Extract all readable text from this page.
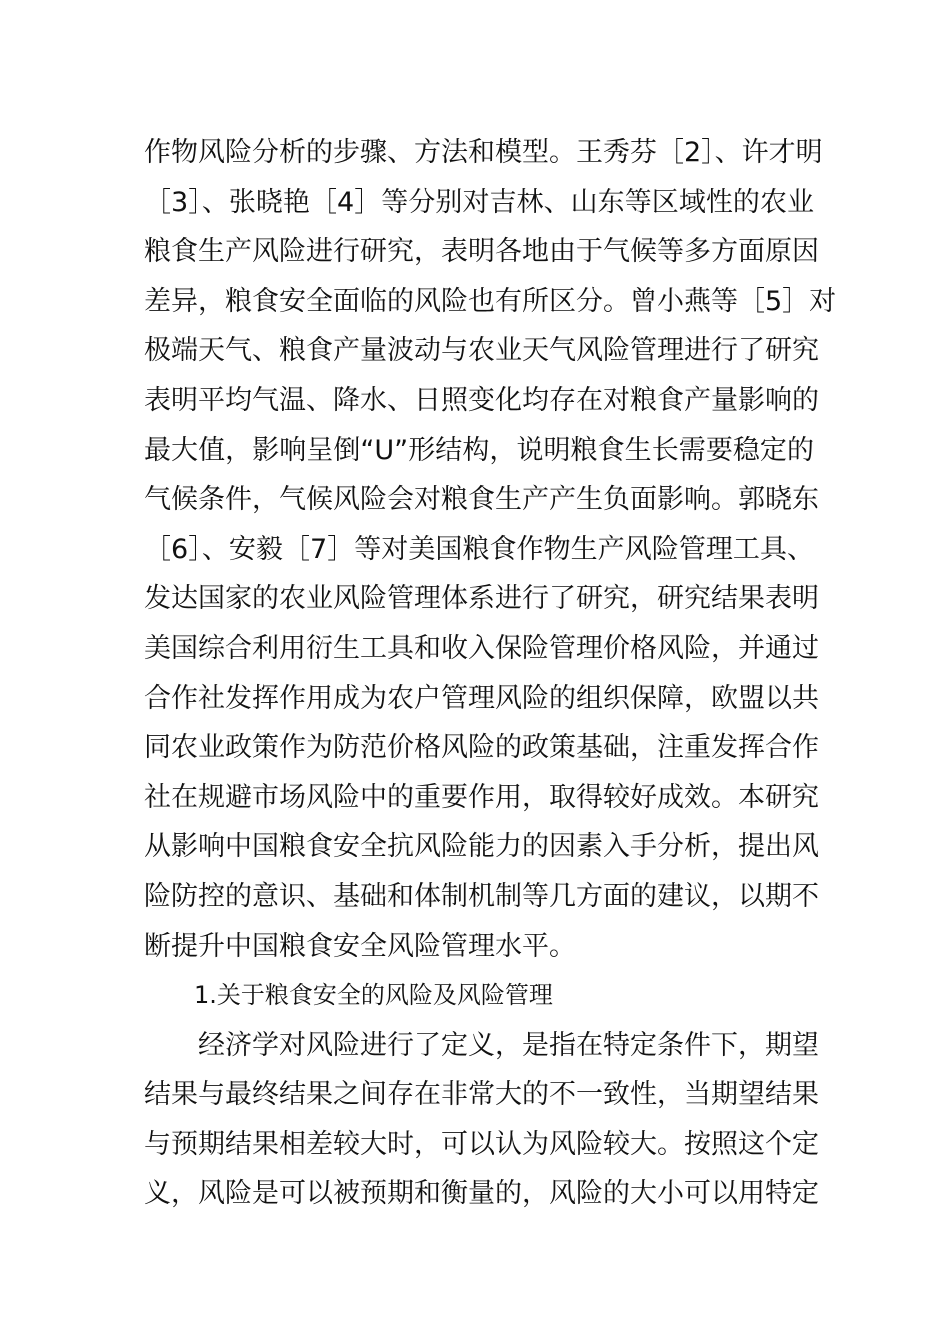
作物风险分析的步骤、方法和模型。王秀芬［2］、许才明
［3］、张晓艳［4］等分别对吉林、山东等区域性的农业
粮食生产风险进行研究，表明各地由于气候等多方面原因
差异，粮食安全面临的风险也有所区分。曾小燕等［5］对
极端天气、粮食产量波动与农业天气风险管理进行了研究
表明平均气温、降水、日照变化均存在对粮食产量影响的
最大值，影响呈倒“U”形结构，说明粮食生长需要稳定的
气候条件，气候风险会对粮食生产产生负面影响。郭晓东
［6］、安毅［7］等对美国粮食作物生产风险管理工具、
发达国家的农业风险管理体系进行了研究，研究结果表明
美国综合利用衍生工具和收入保险管理价格风险，并通过
合作社发挥作用成为农户管理风险的组织保障，欧盟以共
同农业政策作为防范价格风险的政策基础，注重发挥合作
社在规避市场风险中的重要作用，取得较好成效。本研究
从影响中国粮食安全抗风险能力的因素入手分析，提出风
险防控的意识、基础和体制机制等几方面的建议，以期不
断提升中国粮食安全风险管理水平。
1.关于粮食安全的风险及风险管理
经济学对风险进行了定义，是指在特定条件下，期望
结果与最终结果之间存在非常大的不一致性，当期望结果
与预期结果相差较大时，可以认为风险较大。按照这个定
义，风险是可以被预期和衡量的，风险的大小可以用特定
